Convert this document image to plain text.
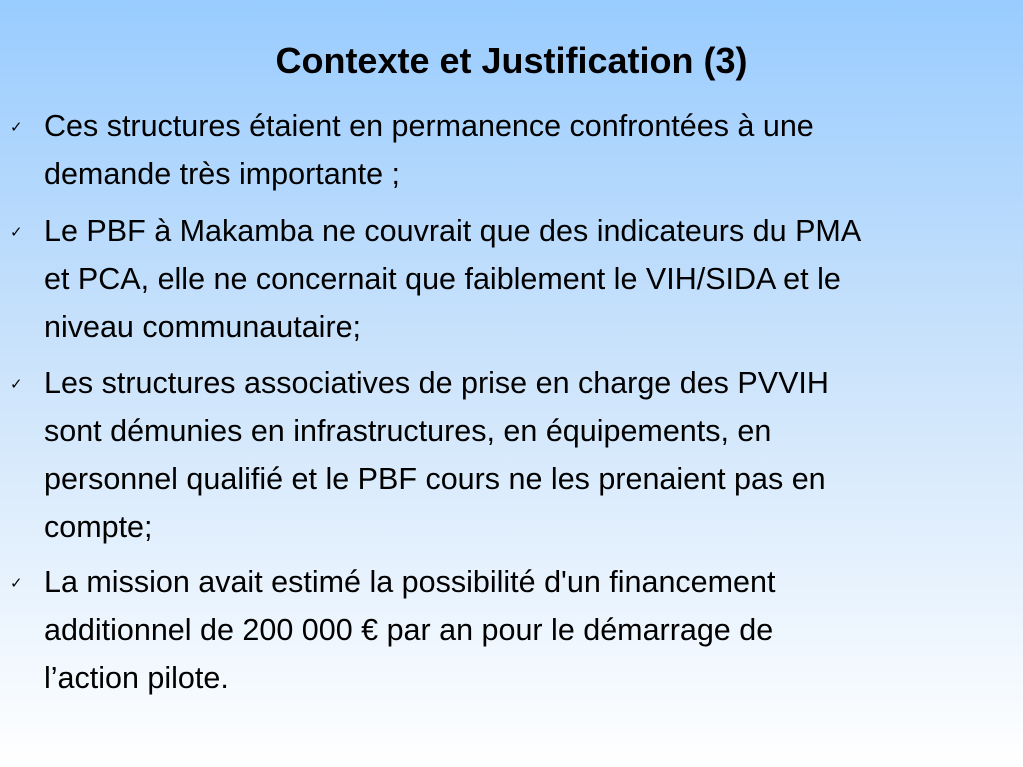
Contexte et Justification (3)
✓ Ces structures étaient en permanence confrontées à une
demande très importante ;

✓ Le PBF à Makamba ne couvrait que des indicateurs du PMA
et PCA, elle ne concernait que faiblement le VIH/SIDA et le
niveau communautaire;

✓ Les structures associatives de prise en charge des PVVIH
sont démunies en infrastructures, en équipements, en
personnel qualifié et le PBF cours ne les prenaient pas en
compte;

✓ La mission avait estimé la possibilité d'un financement
additionnel de 200 000 € par an pour le démarrage de
l’action pilote.
